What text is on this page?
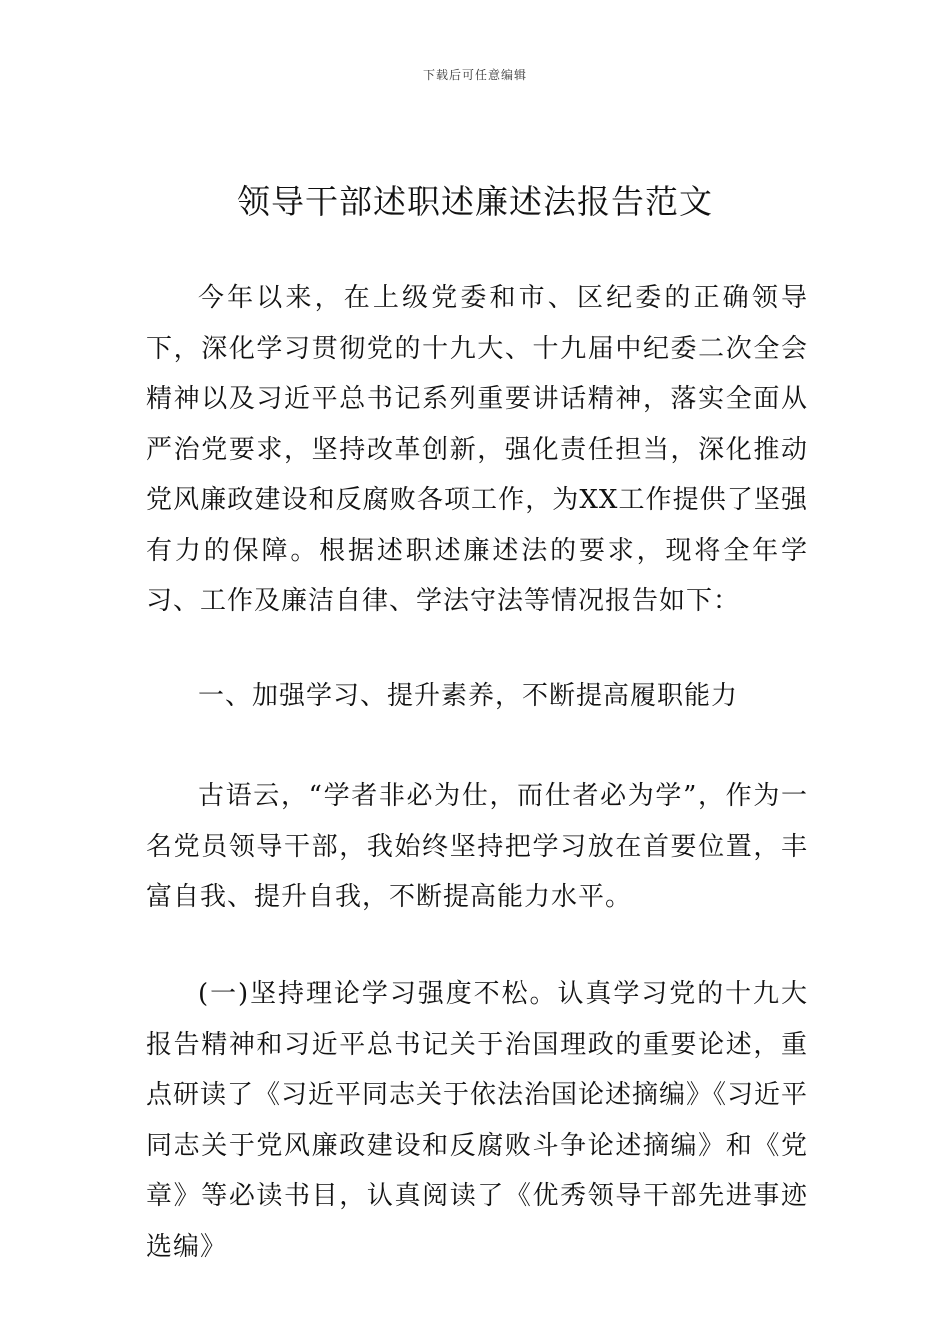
下载后可任意编辑
领导干部述职述廉述法报告范文

今年以来，在上级党委和市、区纪委的正确领导下，深化学习贯彻党的十九大、十九届中纪委二次全会精神以及习近平总书记系列重要讲话精神，落实全面从严治党要求，坚持改革创新，强化责任担当，深化推动党风廉政建设和反腐败各项工作，为XX工作提供了坚强有力的保障。根据述职述廉述法的要求，现将全年学习、工作及廉洁自律、学法守法等情况报告如下：

一、加强学习、提升素养，不断提高履职能力

古语云，“学者非必为仕，而仕者必为学”，作为一名党员领导干部，我始终坚持把学习放在首要位置，丰富自我、提升自我，不断提高能力水平。

(一)坚持理论学习强度不松。认真学习党的十九大报告精神和习近平总书记关于治国理政的重要论述，重点研读了《习近平同志关于依法治国论述摘编》《习近平同志关于党风廉政建设和反腐败斗争论述摘编》和《党章》等必读书目，认真阅读了《优秀领导干部先进事迹选编》
